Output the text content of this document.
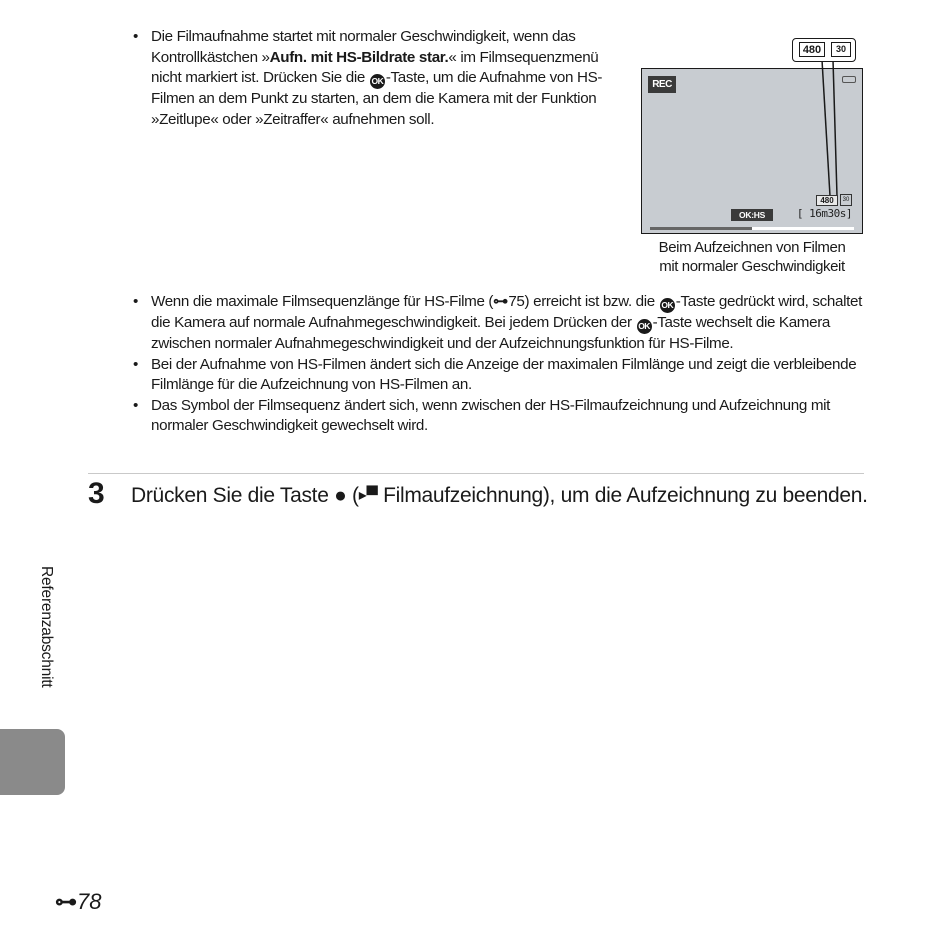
• Die Filmaufnahme startet mit normaler Geschwindigkeit, wenn das Kontrollkästchen »Aufn. mit HS-Bildrate star.« im Filmsequenzmenü nicht markiert ist. Drücken Sie die OK -Taste, um die Aufnahme von HS-Filmen an dem Punkt zu starten, an dem die Kamera mit der Funktion »Zeitlupe« oder »Zeitraffer« aufnehmen soll.
REC
480	30
480	30
OK:HS	[ 16m30s]
Beim Aufzeichnen von Filmen
mit normaler Geschwindigkeit
• Wenn die maximale Filmsequenzlänge für HS-Filme (⊶ 75) erreicht ist bzw. die OK -Taste gedrückt wird, schaltet die Kamera auf normale Aufnahmegeschwindigkeit. Bei jedem Drücken der OK -Taste wechselt die Kamera zwischen normaler Aufnahmegeschwindigkeit und der Aufzeichnungsfunktion für HS-Filme.
• Bei der Aufnahme von HS-Filmen ändert sich die Anzeige der maximalen Filmlänge und zeigt die verbleibende Filmlänge für die Aufzeichnung von HS-Filmen an.
• Das Symbol der Filmsequenz ändert sich, wenn zwischen der HS-Filmaufzeichnung und Aufzeichnung mit normaler Geschwindigkeit gewechselt wird.
3 Drücken Sie die Taste ● (▸▀ Filmaufzeichnung), um die Aufzeichnung zu beenden.
Referenzabschnitt
⊶78
